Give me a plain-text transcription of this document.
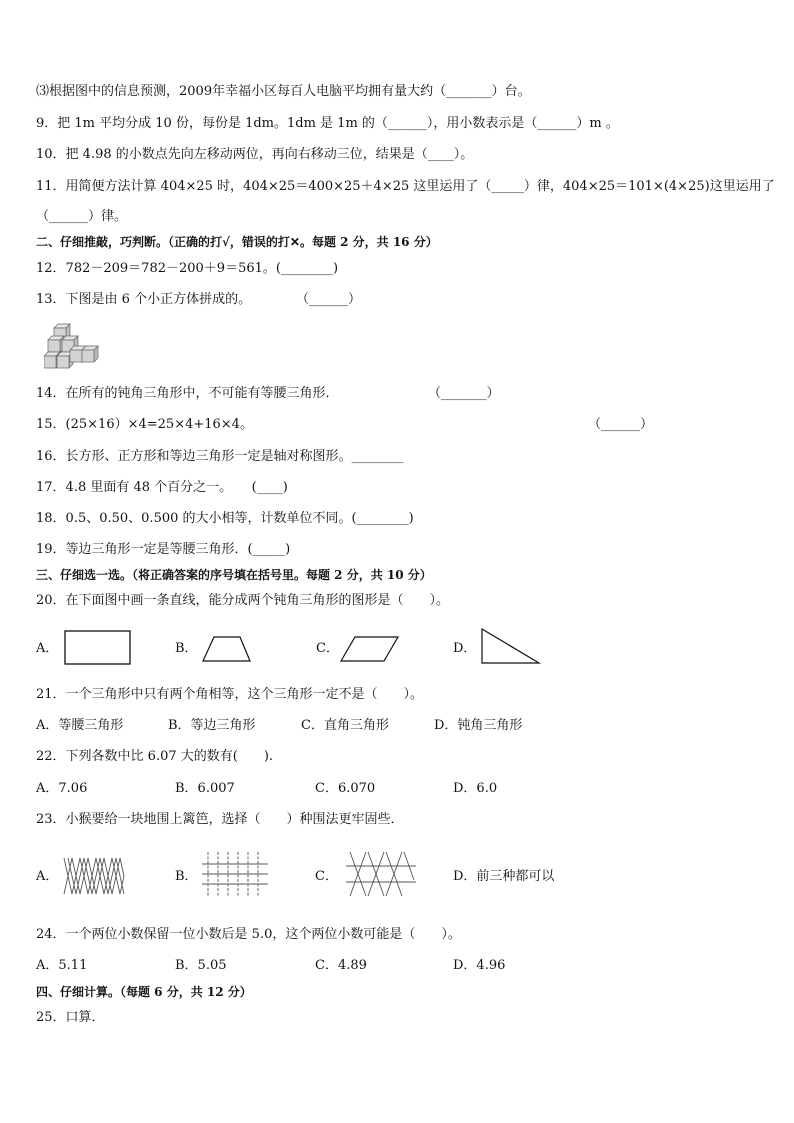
⑶根据图中的信息预测，2009年幸福小区每百人电脑平均拥有量大约（_______）台。
9．把 1m 平均分成 10 份，每份是 1dm。1dm 是 1m 的（______），用小数表示是（______）m 。
10．把 4.98 的小数点先向左移动两位，再向右移动三位，结果是（____）。
11．用简便方法计算 404×25 时，404×25＝400×25＋4×25 这里运用了（_____）律，404×25＝101×(4×25)这里运用了
（______）律。
二、仔细推敲，巧判断。（正确的打√，错误的打✕。每题 2 分，共 16 分）
12．782－209＝782－200＋9＝561。(________)
13．下图是由 6 个小正方体拼成的。	（______）
14．在所有的钝角三角形中，不可能有等腰三角形．	（_______）
15．(25×16）×4=25×4+16×4。	（______）
16．长方形、正方形和等边三角形一定是轴对称图形。________
17．4.8 里面有 48 个百分之一。　　(____)
18．0.5、0.50、0.500 的大小相等，计数单位不同。(________)
19．等边三角形一定是等腰三角形．(_____)
三、仔细选一选。（将正确答案的序号填在括号里。每题 2 分，共 10 分）
20．在下面图中画一条直线，能分成两个钝角三角形的图形是（　　）。
A．	B．	C．	D．
21．一个三角形中只有两个角相等，这个三角形一定不是（　　）。
A．等腰三角形	B．等边三角形	C．直角三角形	D．钝角三角形
22．下列各数中比 6.07 大的数有(　　).
A．7.06	B．6.007	C．6.070	D．6.0
23．小猴要给一块地围上篱笆，选择（　　）种围法更牢固些．
A．	B．	C．	D．前三种都可以
24．一个两位小数保留一位小数后是 5.0，这个两位小数可能是（　　）。
A．5.11	B．5.05	C．4.89	D．4.96
四、仔细计算。（每题 6 分，共 12 分）
25．口算．
